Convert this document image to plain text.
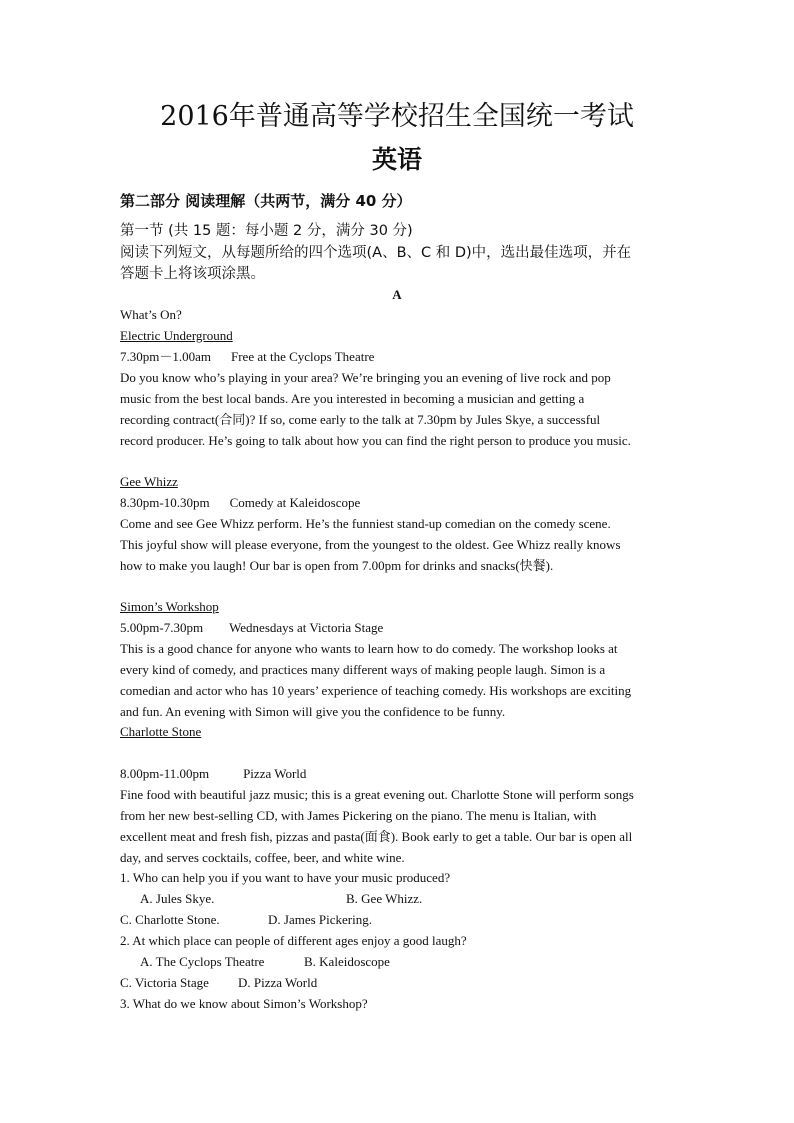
2016年普通高等学校招生全国统一考试
英语
第二部分 阅读理解（共两节，满分 40 分）
第一节 (共 15 题：每小题 2 分，满分 30 分)
阅读下列短文，从每题所给的四个选项(A、B、C 和 D)中，选出最佳选项，并在
答题卡上将该项涂黑。
A
What’s On?
Electric Underground
7.30pm－1.00am Free at the Cyclops Theatre
Do you know who’s playing in your area? We’re bringing you an evening of live rock and pop
music from the best local bands. Are you interested in becoming a musician and getting a
recording contract(合同)? If so, come early to the talk at 7.30pm by Jules Skye, a successful
record producer. He’s going to talk about how you can find the right person to produce you music.
Gee Whizz
8.30pm-10.30pm Comedy at Kaleidoscope
Come and see Gee Whizz perform. He’s the funniest stand-up comedian on the comedy scene.
This joyful show will please everyone, from the youngest to the oldest. Gee Whizz really knows
how to make you laugh! Our bar is open from 7.00pm for drinks and snacks(快餐).
Simon’s Workshop
5.00pm-7.30pm Wednesdays at Victoria Stage
This is a good chance for anyone who wants to learn how to do comedy. The workshop looks at
every kind of comedy, and practices many different ways of making people laugh. Simon is a
comedian and actor who has 10 years’ experience of teaching comedy. His workshops are exciting
and fun. An evening with Simon will give you the confidence to be funny.
Charlotte Stone
8.00pm-11.00pm	Pizza World
Fine food with beautiful jazz music; this is a great evening out. Charlotte Stone will perform songs
from her new best-selling CD, with James Pickering on the piano. The menu is Italian, with
excellent meat and fresh fish, pizzas and pasta(面食). Book early to get a table. Our bar is open all
day, and serves cocktails, coffee, beer, and white wine.
1. Who can help you if you want to have your music produced?
A. Jules Skye.	B. Gee Whizz.
C. Charlotte Stone.	D. James Pickering.
2. At which place can people of different ages enjoy a good laugh?
A. The Cyclops Theatre	B. Kaleidoscope
C. Victoria Stage D. Pizza World
3. What do we know about Simon’s Workshop?
